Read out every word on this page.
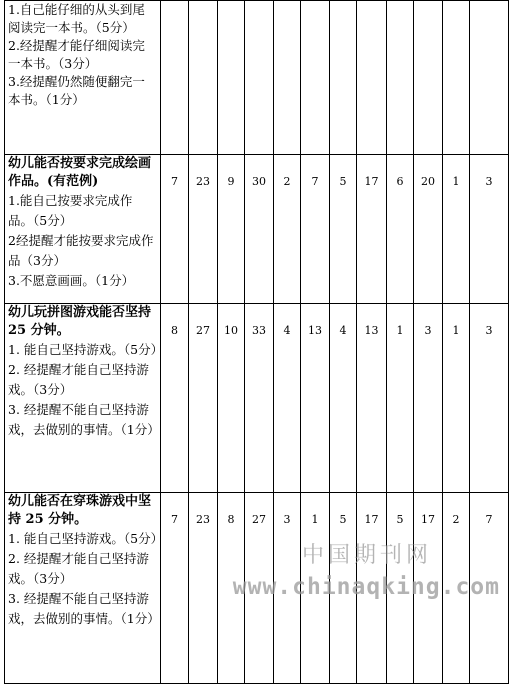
1.自己能仔细的从头到尾阅读完一本书。（5分）
2.经提醒才能仔细阅读完一本书。（3分）
3.经提醒仍然随便翻完一本书。（1分）												

幼儿能否按要求完成绘画作品。(有范例)
1.能自己按要求完成作品。（5分）
2经提醒才能按要求完成作品（3分）
3.不愿意画画。（1分）	7	23	9	30	2	7	5	17	6	20	1	3

幼儿玩拼图游戏能否坚持 25 分钟。
1. 能自己坚持游戏。（5分）
2. 经提醒才能自己坚持游戏。（3分）
3. 经提醒不能自己坚持游戏，去做别的事情。（1分）	8	27	10	33	4	13	4	13	1	3	1	3

幼儿能否在穿珠游戏中坚持 25 分钟。
1. 能自己坚持游戏。（5分）
2. 经提醒才能自己坚持游戏。（3分）
3. 经提醒不能自己坚持游戏，去做别的事情。（1分）	7	23	8	27	3	1	5	17	5	17	2	7
中国期刊网
www.chinaqking.com
